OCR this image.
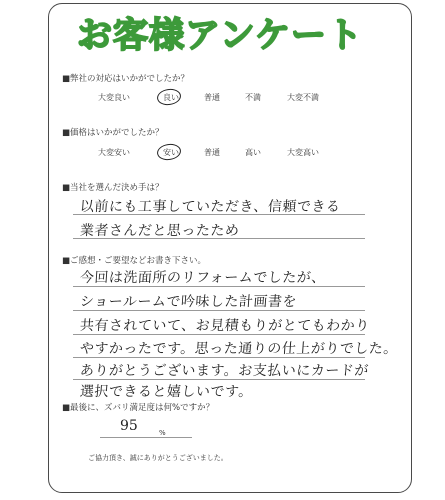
お客様アンケート
■弊社の対応はいかがでしたか？
大変良い	良い	普通	不満	大変不満
■価格はいかがでしたか？
大変安い	安い	普通	高い	大変高い
■当社を選んだ決め手は？
以前にも工事していただき、信頼できる
業者さんだと思ったため
■ご感想・ご要望などお書き下さい。
今回は洗面所のリフォームでしたが、
ショールームで吟味した計画書を
共有されていて、お見積もりがとてもわかり
やすかったです。思った通りの仕上がりでした。
ありがとうございます。お支払いにカードが
選択できると嬉しいです。
■最後に、ズバリ満足度は何%ですか？
95	%
ご協力頂き、誠にありがとうございました。
